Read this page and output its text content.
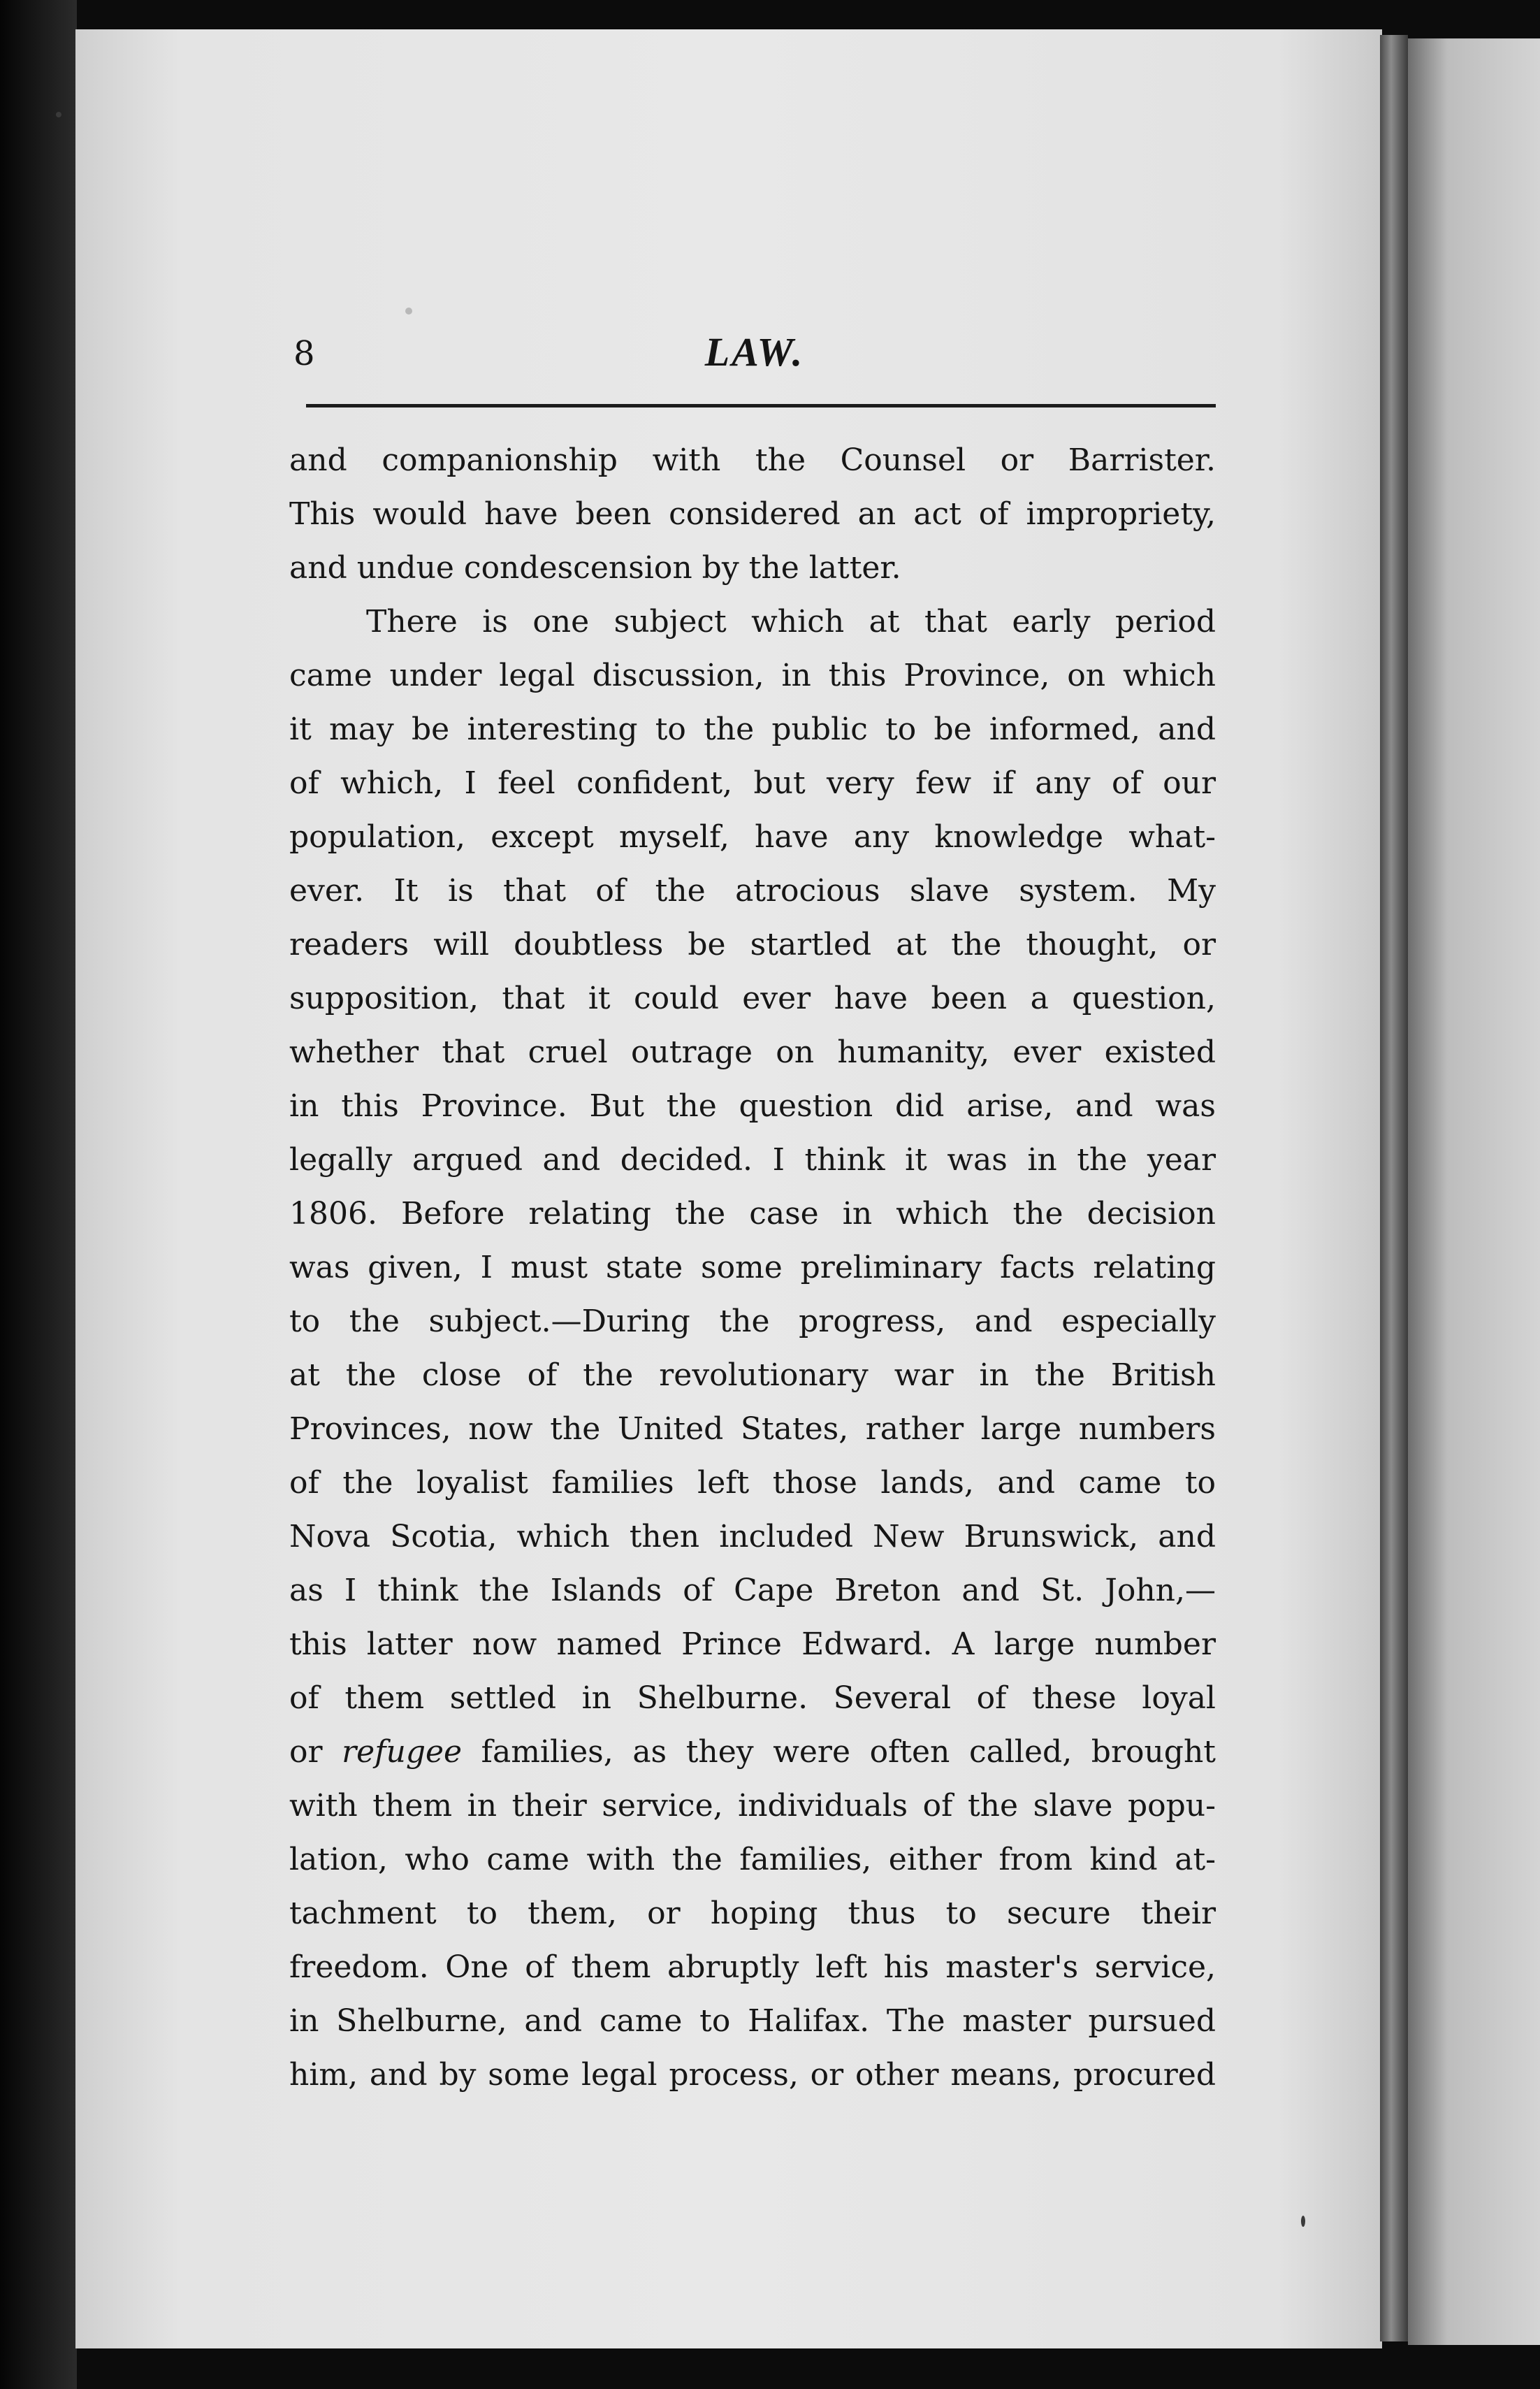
8	LAW.

and companionship with the Counsel or Barrister.
This would have been considered an act of impropriety,
and undue condescension by the latter.

There is one subject which at that early period
came under legal discussion, in this Province, on which
it may be interesting to the public to be informed, and
of which, I feel confident, but very few if any of our
population, except myself, have any knowledge what-
ever. It is that of the atrocious slave system. My
readers will doubtless be startled at the thought, or
supposition, that it could ever have been a question,
whether that cruel outrage on humanity, ever existed
in this Province. But the question did arise, and was
legally argued and decided. I think it was in the year
1806. Before relating the case in which the decision
was given, I must state some preliminary facts relating
to the subject.—During the progress, and especially
at the close of the revolutionary war in the British
Provinces, now the United States, rather large numbers
of the loyalist families left those lands, and came to
Nova Scotia, which then included New Brunswick, and
as I think the Islands of Cape Breton and St. John,—
this latter now named Prince Edward. A large number
of them settled in Shelburne. Several of these loyal
or refugee families, as they were often called, brought
with them in their service, individuals of the slave popu-
lation, who came with the families, either from kind at-
tachment to them, or hoping thus to secure their
freedom. One of them abruptly left his master's service,
in Shelburne, and came to Halifax. The master pursued
him, and by some legal process, or other means, procured
